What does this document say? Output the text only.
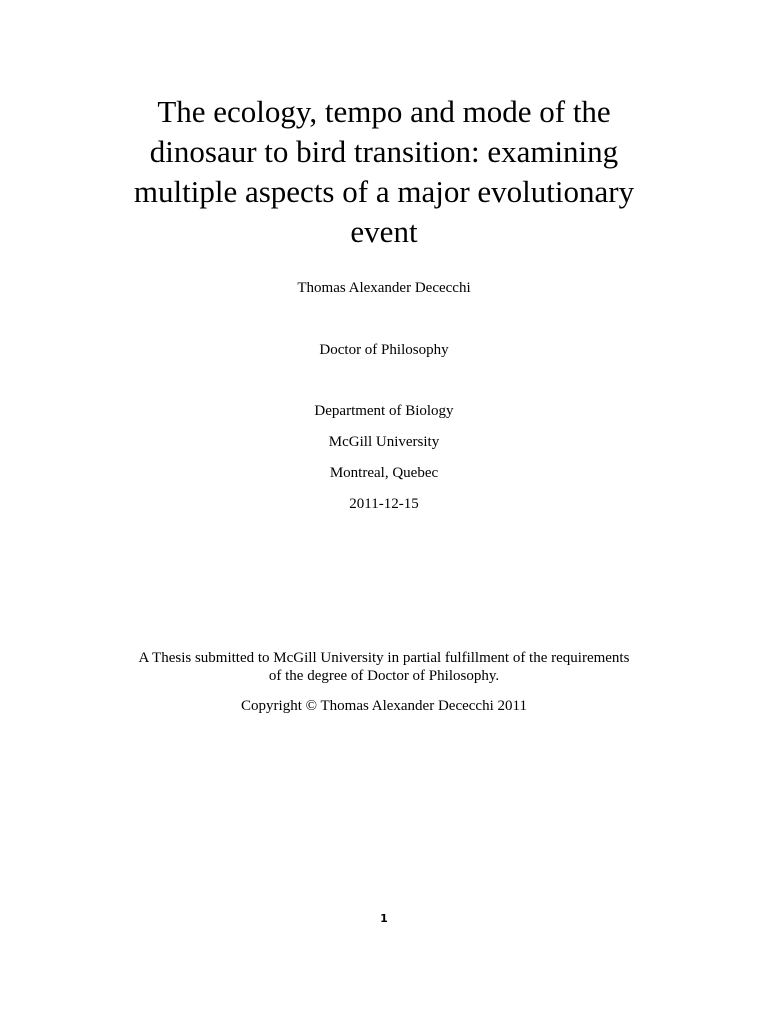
The ecology, tempo and mode of the
dinosaur to bird transition: examining
multiple aspects of a major evolutionary
event

Thomas Alexander Dececchi

Doctor of Philosophy

Department of Biology

McGill University

Montreal, Quebec

2011-12-15

A Thesis submitted to McGill University in partial fulfillment of the requirements
of the degree of Doctor of Philosophy.

Copyright © Thomas Alexander Dececchi 2011

1
